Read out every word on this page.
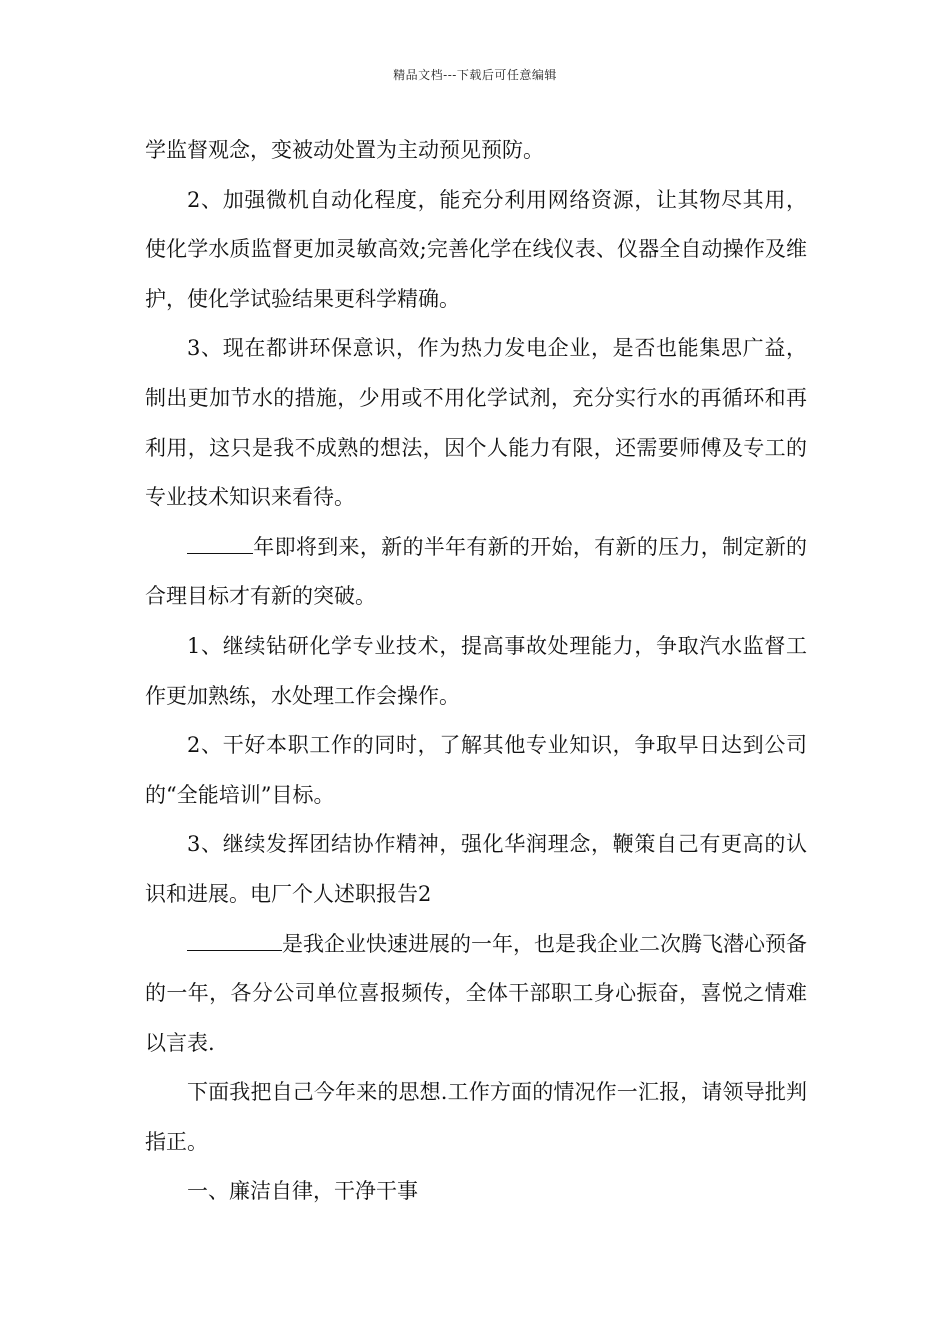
精品文档---下载后可任意编辑

学监督观念，变被动处置为主动预见预防。

2、加强微机自动化程度，能充分利用网络资源，让其物尽其用，使化学水质监督更加灵敏高效;完善化学在线仪表、仪器全自动操作及维护，使化学试验结果更科学精确。

3、现在都讲环保意识，作为热力发电企业，是否也能集思广益，制出更加节水的措施，少用或不用化学试剂，充分实行水的再循环和再利用，这只是我不成熟的想法，因个人能力有限，还需要师傅及专工的专业技术知识来看待。

年即将到来，新的半年有新的开始，有新的压力，制定新的合理目标才有新的突破。

1、继续钻研化学专业技术，提高事故处理能力，争取汽水监督工作更加熟练，水处理工作会操作。

2、干好本职工作的同时，了解其他专业知识，争取早日达到公司的“全能培训”目标。

3、继续发挥团结协作精神，强化华润理念，鞭策自己有更高的认识和进展。电厂个人述职报告2

是我企业快速进展的一年，也是我企业二次腾飞潜心预备的一年，各分公司单位喜报频传，全体干部职工身心振奋，喜悦之情难以言表.

下面我把自己今年来的思想.工作方面的情况作一汇报，请领导批判指正。

一、廉洁自律，干净干事
